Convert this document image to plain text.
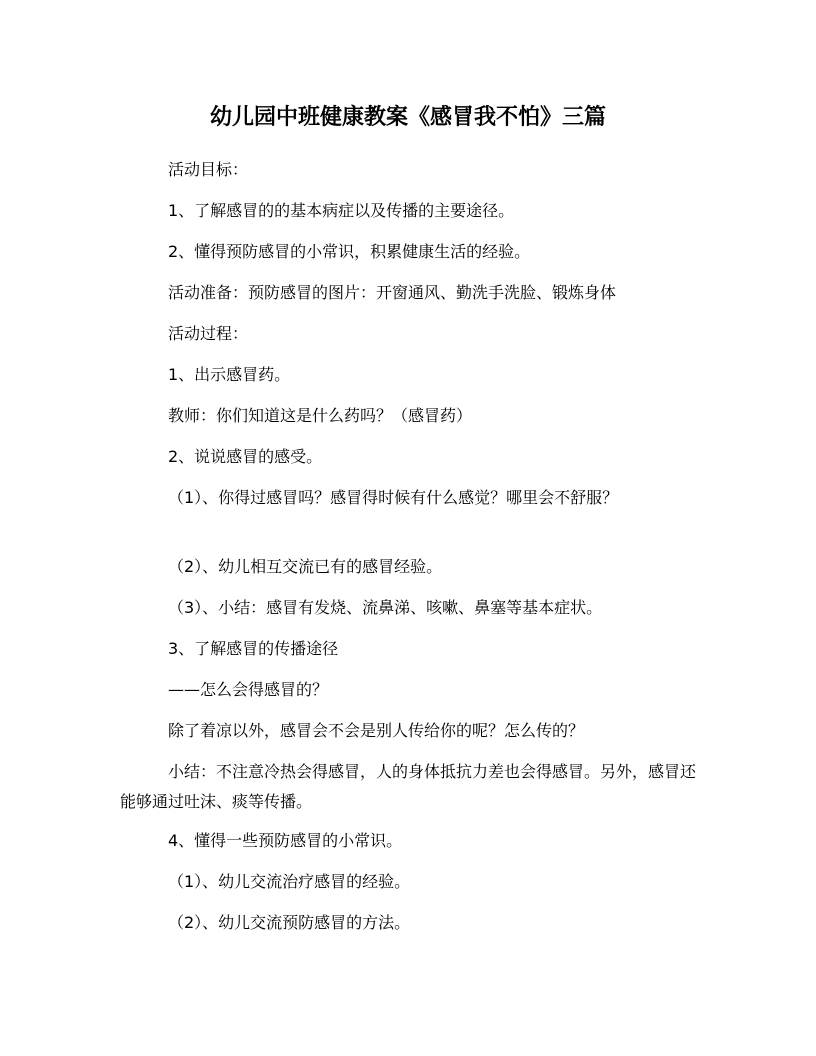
幼儿园中班健康教案《感冒我不怕》三篇
活动目标：
1、了解感冒的的基本病症以及传播的主要途径。
2、懂得预防感冒的小常识，积累健康生活的经验。
活动准备：预防感冒的图片：开窗通风、勤洗手洗脸、锻炼身体
活动过程：
1、出示感冒药。
教师：你们知道这是什么药吗？（感冒药）
2、说说感冒的感受。
（1）、你得过感冒吗？感冒得时候有什么感觉？哪里会不舒服？
（2）、幼儿相互交流已有的感冒经验。
（3）、小结：感冒有发烧、流鼻涕、咳嗽、鼻塞等基本症状。
3、了解感冒的传播途径
——怎么会得感冒的？
除了着凉以外，感冒会不会是别人传给你的呢？怎么传的？
小结：不注意冷热会得感冒，人的身体抵抗力差也会得感冒。另外，感冒还能够通过吐沫、痰等传播。
4、懂得一些预防感冒的小常识。
（1）、幼儿交流治疗感冒的经验。
（2）、幼儿交流预防感冒的方法。
